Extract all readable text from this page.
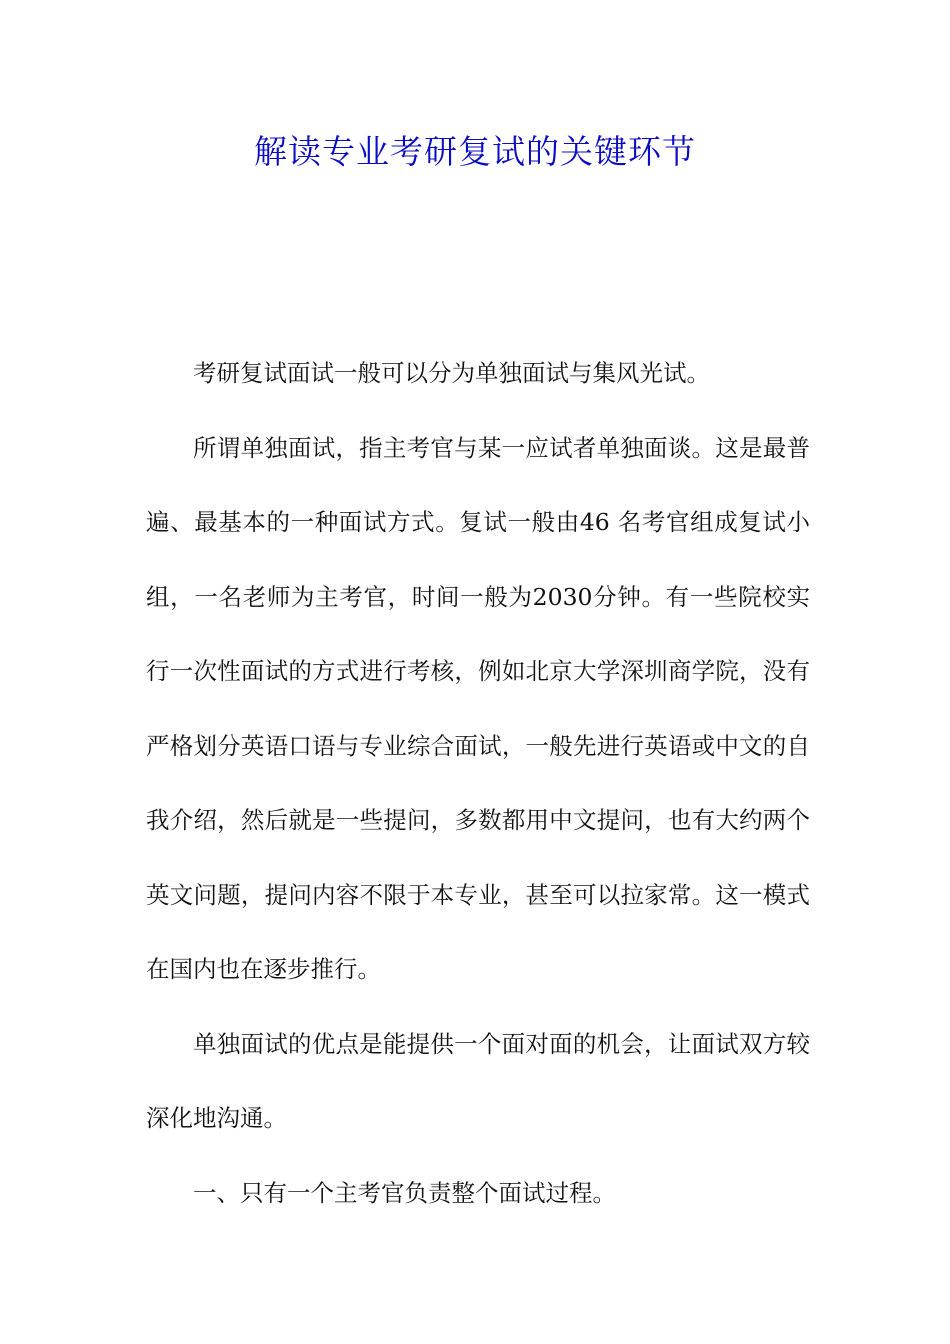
解读专业考研复试的关键环节

考研复试面试一般可以分为单独面试与集风光试。

所谓单独面试，指主考官与某一应试者单独面谈。这是最普遍、最基本的一种面试方式。复试一般由46 名考官组成复试小组，一名老师为主考官，时间一般为2030分钟。有一些院校实行一次性面试的方式进行考核，例如北京大学深圳商学院，没有严格划分英语口语与专业综合面试，一般先进行英语或中文的自我介绍，然后就是一些提问，多数都用中文提问，也有大约两个英文问题，提问内容不限于本专业，甚至可以拉家常。这一模式在国内也在逐步推行。

单独面试的优点是能提供一个面对面的机会，让面试双方较深化地沟通。

一、只有一个主考官负责整个面试过程。
